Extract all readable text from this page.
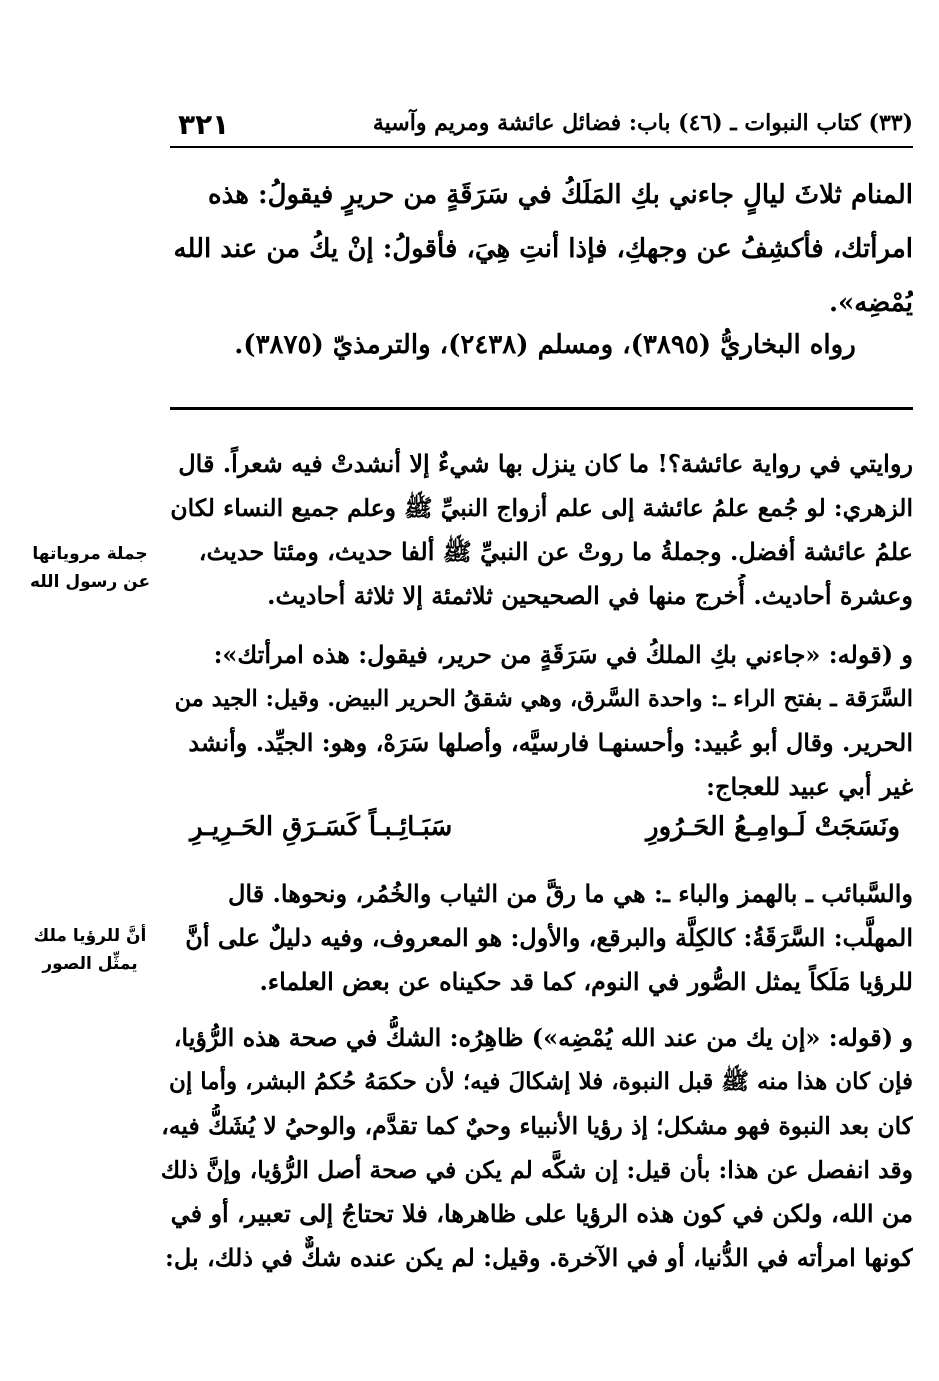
٣٢١	(٣٣) كتاب النبوات ـ (٤٦) باب: فضائل عائشة ومريم وآسية
المنام ثلاثَ ليالٍ جاءني بكِ المَلَكُ في سَرَقَةٍ من حريرٍ فيقولُ: هذه
امرأتك، فأكشِفُ عن وجهكِ، فإذا أنتِ هِيَ، فأقولُ: إنْ يكُ من عند الله
يُمْضِه».
رواه البخاريُّ (٣٨٩٥)، ومسلم (٢٤٣٨)، والترمذيّ (٣٨٧٥).
روايتي في رواية عائشة؟! ما كان ينزل بها شيءٌ إلا أنشدتْ فيه شعراً. قال
الزهري: لو جُمع علمُ عائشة إلى علم أزواج النبيِّ ﷺ وعلم جميع النساء لكان
علمُ عائشة أفضل. وجملةُ ما روتْ عن النبيِّ ﷺ ألفا حديث، ومئتا حديث،
وعشرة أحاديث. أُخرج منها في الصحيحين ثلاثمئة إلا ثلاثة أحاديث.
و (قوله: «جاءني بكِ الملكُ في سَرَقَةٍ من حرير، فيقول: هذه امرأتك»:
السَّرَقة ـ بفتح الراء ـ: واحدة السَّرق، وهي شققُ الحرير البيض. وقيل: الجيد من
الحرير. وقال أبو عُبيد: وأحسنهـا فارسيَّه، وأصلها سَرَهْ، وهو: الجيِّد. وأنشد
غير أبي عبيد للعجاج:
ونَسَجَتْ لَـوامِـعُ الحَـرُورِ
سَبَـائِـبـاً كَسَـرَقِ الحَـرِيـرِ
والسَّبائب ـ بالهمز والباء ـ: هي ما رقَّ من الثياب والخُمُر، ونحوها. قال
المهلَّب: السَّرَقَةُ: كالكِلَّة والبرقع، والأول: هو المعروف، وفيه دليلٌ على أنَّ
للرؤيا مَلَكاً يمثل الصُّور في النوم، كما قد حكيناه عن بعض العلماء.
و (قوله: «إن يك من عند الله يُمْضِه») ظاهِرُه: الشكُّ في صحة هذه الرُّؤيا،
فإن كان هذا منه ﷺ قبل النبوة، فلا إشكالَ فيه؛ لأن حكمَهُ حُكمُ البشر، وأما إن
كان بعد النبوة فهو مشكل؛ إذ رؤيا الأنبياء وحيٌ كما تقدَّم، والوحيُ لا يُشَكُّ فيه،
وقد انفصل عن هذا: بأن قيل: إن شكَّه لم يكن في صحة أصل الرُّؤيا، وإنَّ ذلك
من الله، ولكن في كون هذه الرؤيا على ظاهرها، فلا تحتاجُ إلى تعبير، أو في
كونها امرأته في الدُّنيا، أو في الآخرة. وقيل: لم يكن عنده شكٌّ في ذلك، بل:
جملة مروياتها
عن رسول الله
أنَّ للرؤيا ملك
يمثِّل الصور
